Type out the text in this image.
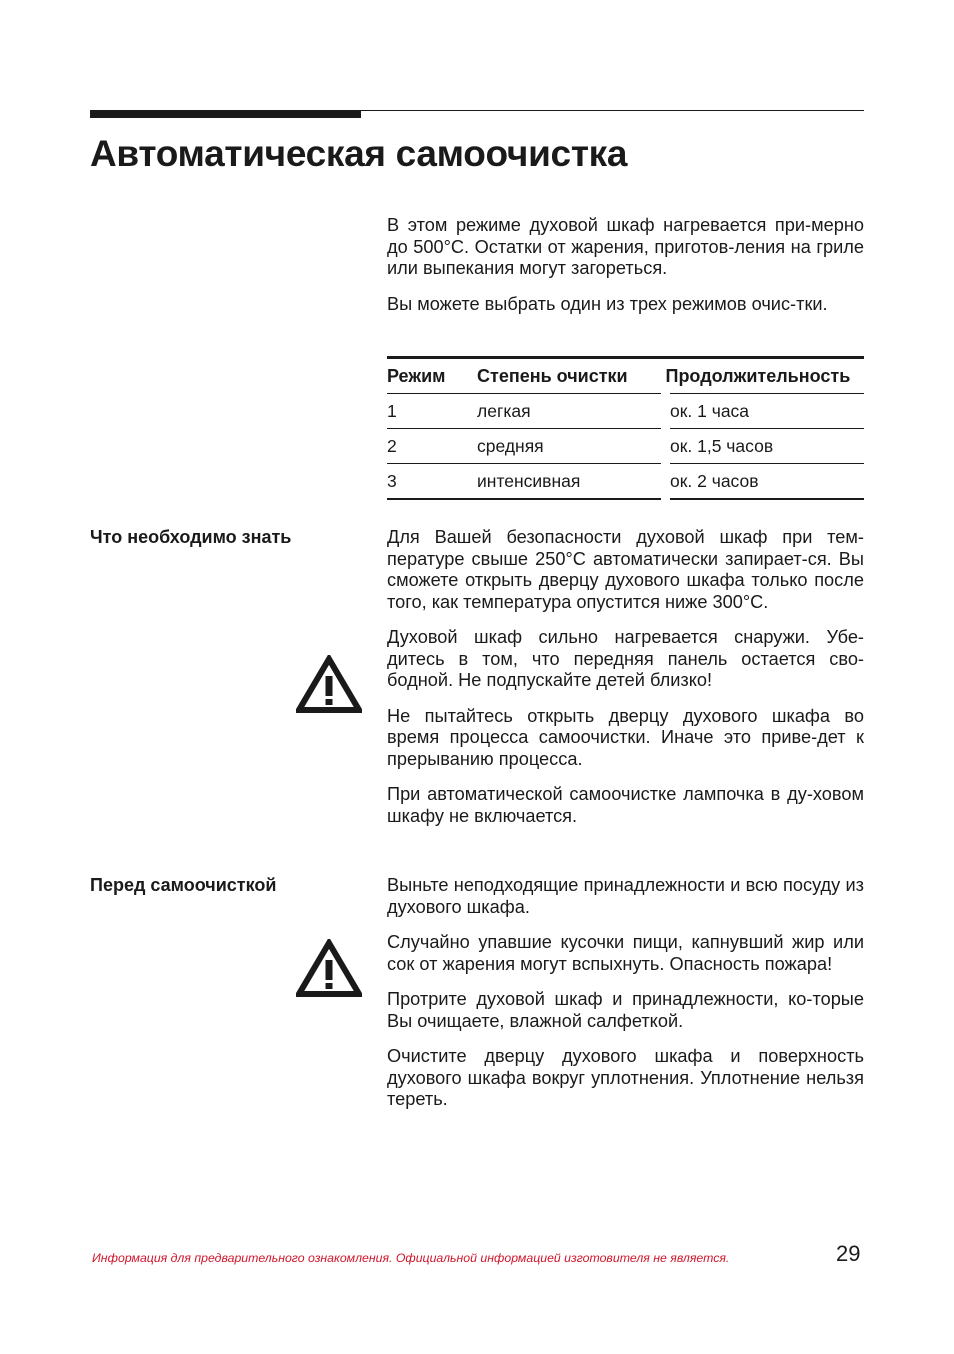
Автоматическая самоочистка

В этом режиме духовой шкаф нагревается при-мерно до 500°C. Остатки от жарения, приготов-ления на гриле или выпекания могут загореться.

Вы можете выбрать один из трех режимов очис-тки.

Режим	Степень очистки	Продолжительность
1	легкая	ок. 1 часа
2	средняя	ок. 1,5 часов
3	интенсивная	ок. 2 часов
Что необходимо знать	Для Вашей безопасности духовой шкаф при тем-пературе свыше 250°C автоматически запирает-ся. Вы сможете открыть дверцу духового шкафа только после того, как температура опустится ниже 300°C.

Духовой шкаф сильно нагревается снаружи. Убе-дитесь в том, что передняя панель остается сво-бодной. Не подпускайте детей близко!

Не пытайтесь открыть дверцу духового шкафа во время процесса самоочистки. Иначе это приве-дет к прерыванию процесса.

При автоматической самоочистке лампочка в ду-ховом шкафу не включается.

Перед самоочисткой	Выньте неподходящие принадлежности и всю посуду из духового шкафа.

Случайно упавшие кусочки пищи, капнувший жир или сок от жарения могут вспыхнуть. Опасность пожара!

Протрите духовой шкаф и принадлежности, ко-торые Вы очищаете, влажной салфеткой.

Очистите дверцу духового шкафа и поверхность духового шкафа вокруг уплотнения. Уплотнение нельзя тереть.

Информация для предварительного ознакомления. Официальной информацией изготовителя не является.	29
